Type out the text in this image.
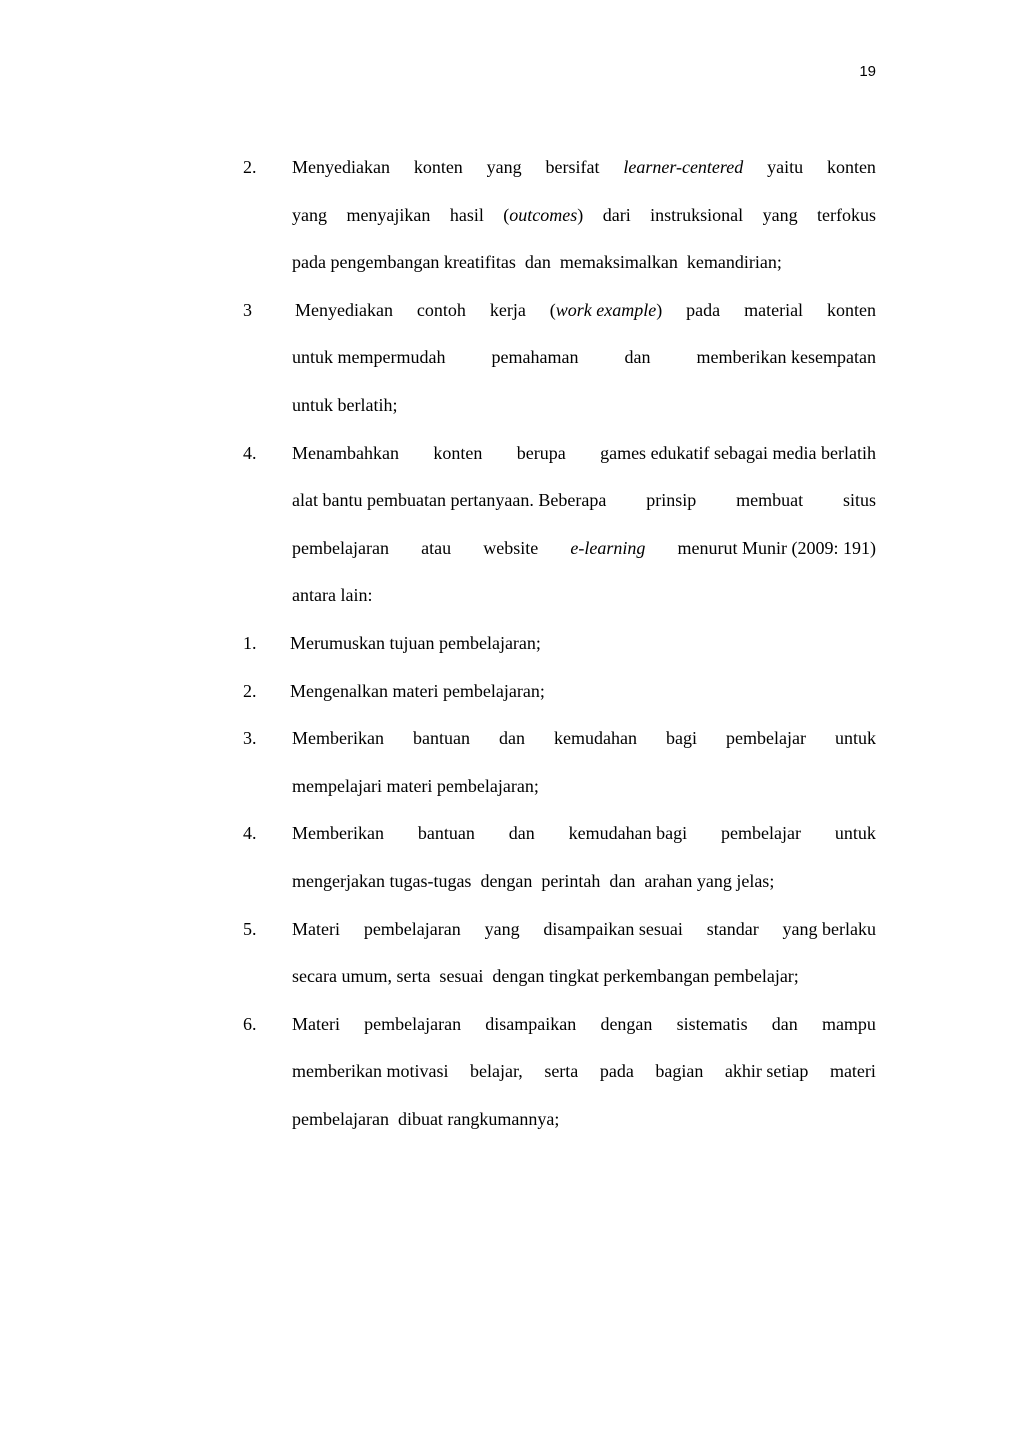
19
2. Menyediakan konten yang bersifat learner-centered yaitu konten
yang menyajikan hasil (outcomes) dari instruksional yang terfokus
pada pengembangan kreatifitas  dan  memaksimalkan  kemandirian;
3 Menyediakan contoh kerja (work example) pada material konten
untuk mempermudah	pemahaman	dan	memberikan kesempatan
untuk berlatih;
4. Menambahkan konten berupa games edukatif sebagai media berlatih
alat bantu pembuatan pertanyaan. Beberapa prinsip membuat situs
pembelajaran atau website e-learning menurut Munir (2009: 191)
antara lain:
1. Merumuskan tujuan pembelajaran;
2. Mengenalkan materi pembelajaran;
3. Memberikan bantuan dan kemudahan bagi pembelajar untuk
mempelajari materi pembelajaran;
4. Memberikan bantuan dan kemudahan bagi pembelajar untuk
mengerjakan tugas-tugas  dengan  perintah  dan  arahan yang jelas;
5. Materi pembelajaran yang disampaikan sesuai standar yang berlaku
secara umum, serta  sesuai  dengan tingkat perkembangan pembelajar;
6. Materi pembelajaran disampaikan dengan sistematis dan mampu
memberikan motivasi belajar, serta pada bagian akhir setiap materi
pembelajaran  dibuat rangkumannya;
